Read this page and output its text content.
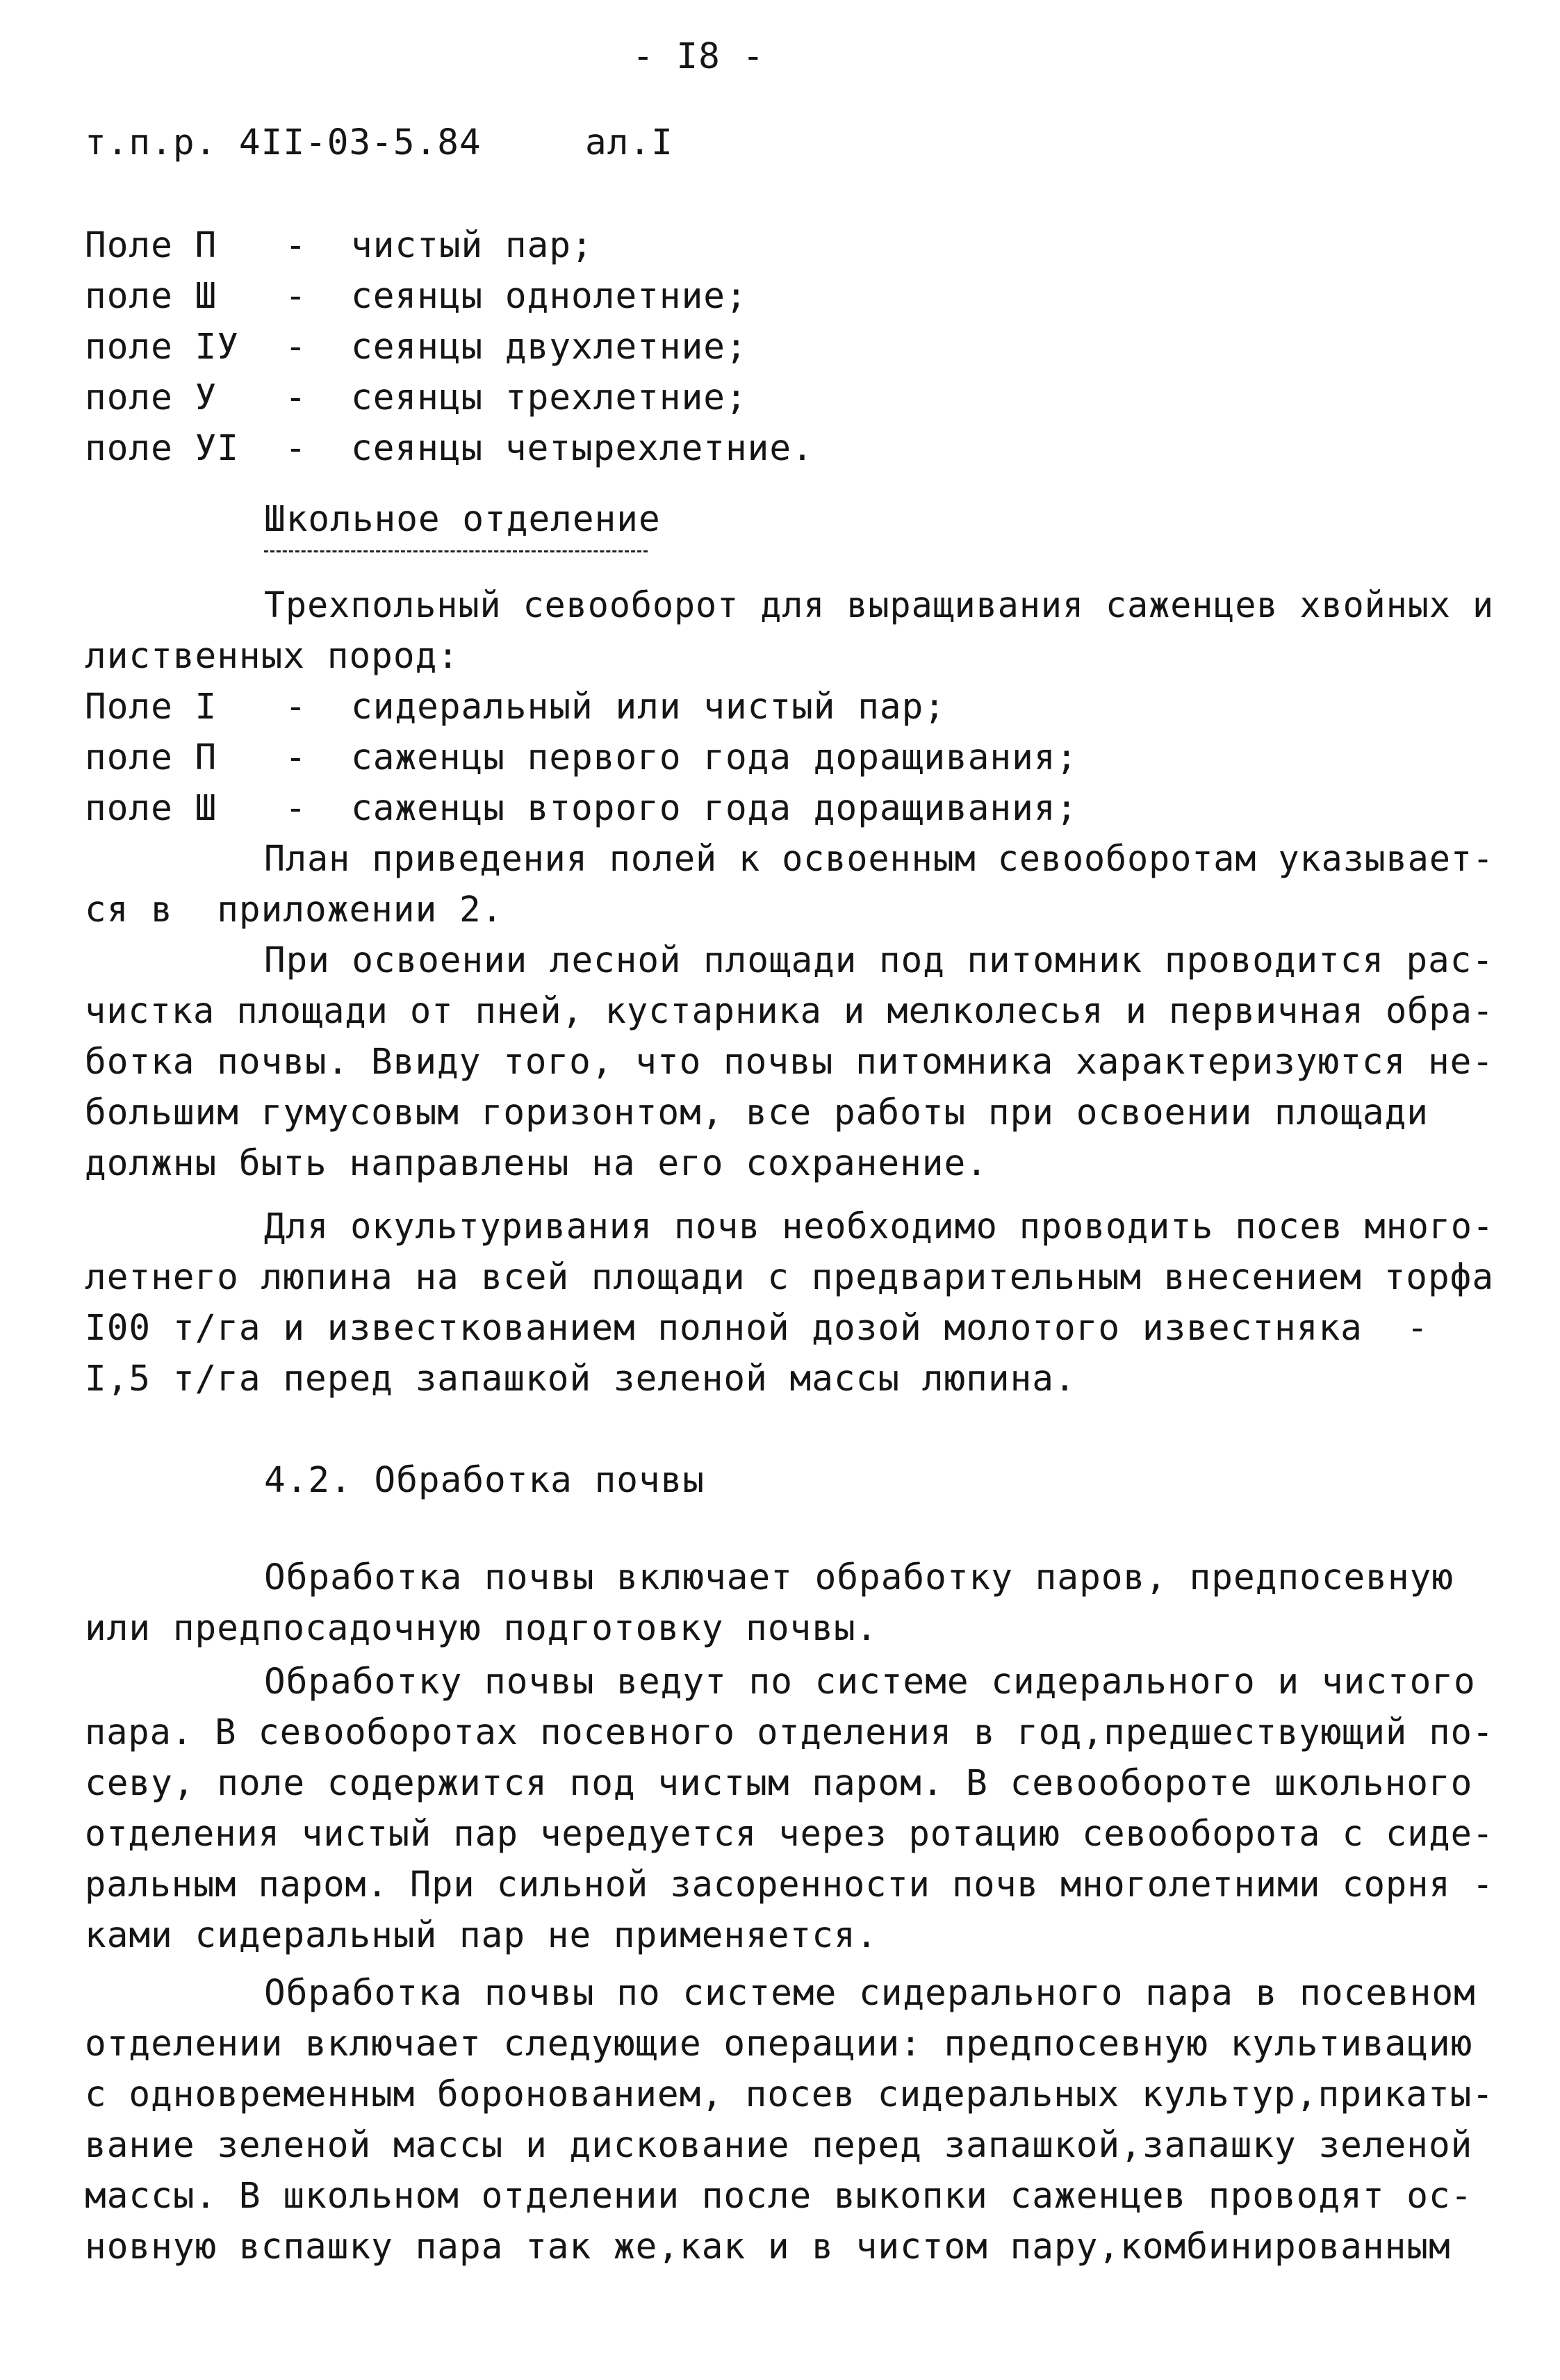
- I8 -
т.п.р. 4II-03-5.84	ал.I
Поле П - чистый пар;
поле Ш - сеянцы однолетние;
поле IУ - сеянцы двухлетние;
поле У - сеянцы трехлетние;
поле УI - сеянцы четырехлетние.
Школьное отделение
Трехпольный севооборот для выращивания саженцев хвойных и
лиственных пород:
Поле I - сидеральный или чистый пар;
поле П - саженцы первого года доращивания;
поле Ш - саженцы второго года доращивания;
План приведения полей к освоенным севооборотам указывает-
ся в  приложении 2.
При освоении лесной площади под питомник проводится рас-
чистка площади от пней, кустарника и мелколесья и первичная обра-
ботка почвы. Ввиду того, что почвы питомника характеризуются не-
большим гумусовым горизонтом, все работы при освоении площади
должны быть направлены на его сохранение.
Для окультуривания почв необходимо проводить посев много-
летнего люпина на всей площади с предварительным внесением торфа
I00 т/га и известкованием полной дозой молотого известняка  -
I,5 т/га перед запашкой зеленой массы люпина.
4.2. Обработка почвы
Обработка почвы включает обработку паров, предпосевную
или предпосадочную подготовку почвы.
Обработку почвы ведут по системе сидерального и чистого
пара. В севооборотах посевного отделения в год,предшествующий по-
севу, поле содержится под чистым паром. В севообороте школьного
отделения чистый пар чередуется через ротацию севооборота с сиде-
ральным паром. При сильной засоренности почв многолетними сорня -
ками сидеральный пар не применяется.
Обработка почвы по системе сидерального пара в посевном
отделении включает следующие операции: предпосевную культивацию
с одновременным боронованием, посев сидеральных культур,прикаты-
вание зеленой массы и дискование перед запашкой,запашку зеленой
массы. В школьном отделении после выкопки саженцев проводят ос-
новную вспашку пара так же,как и в чистом пару,комбинированным
